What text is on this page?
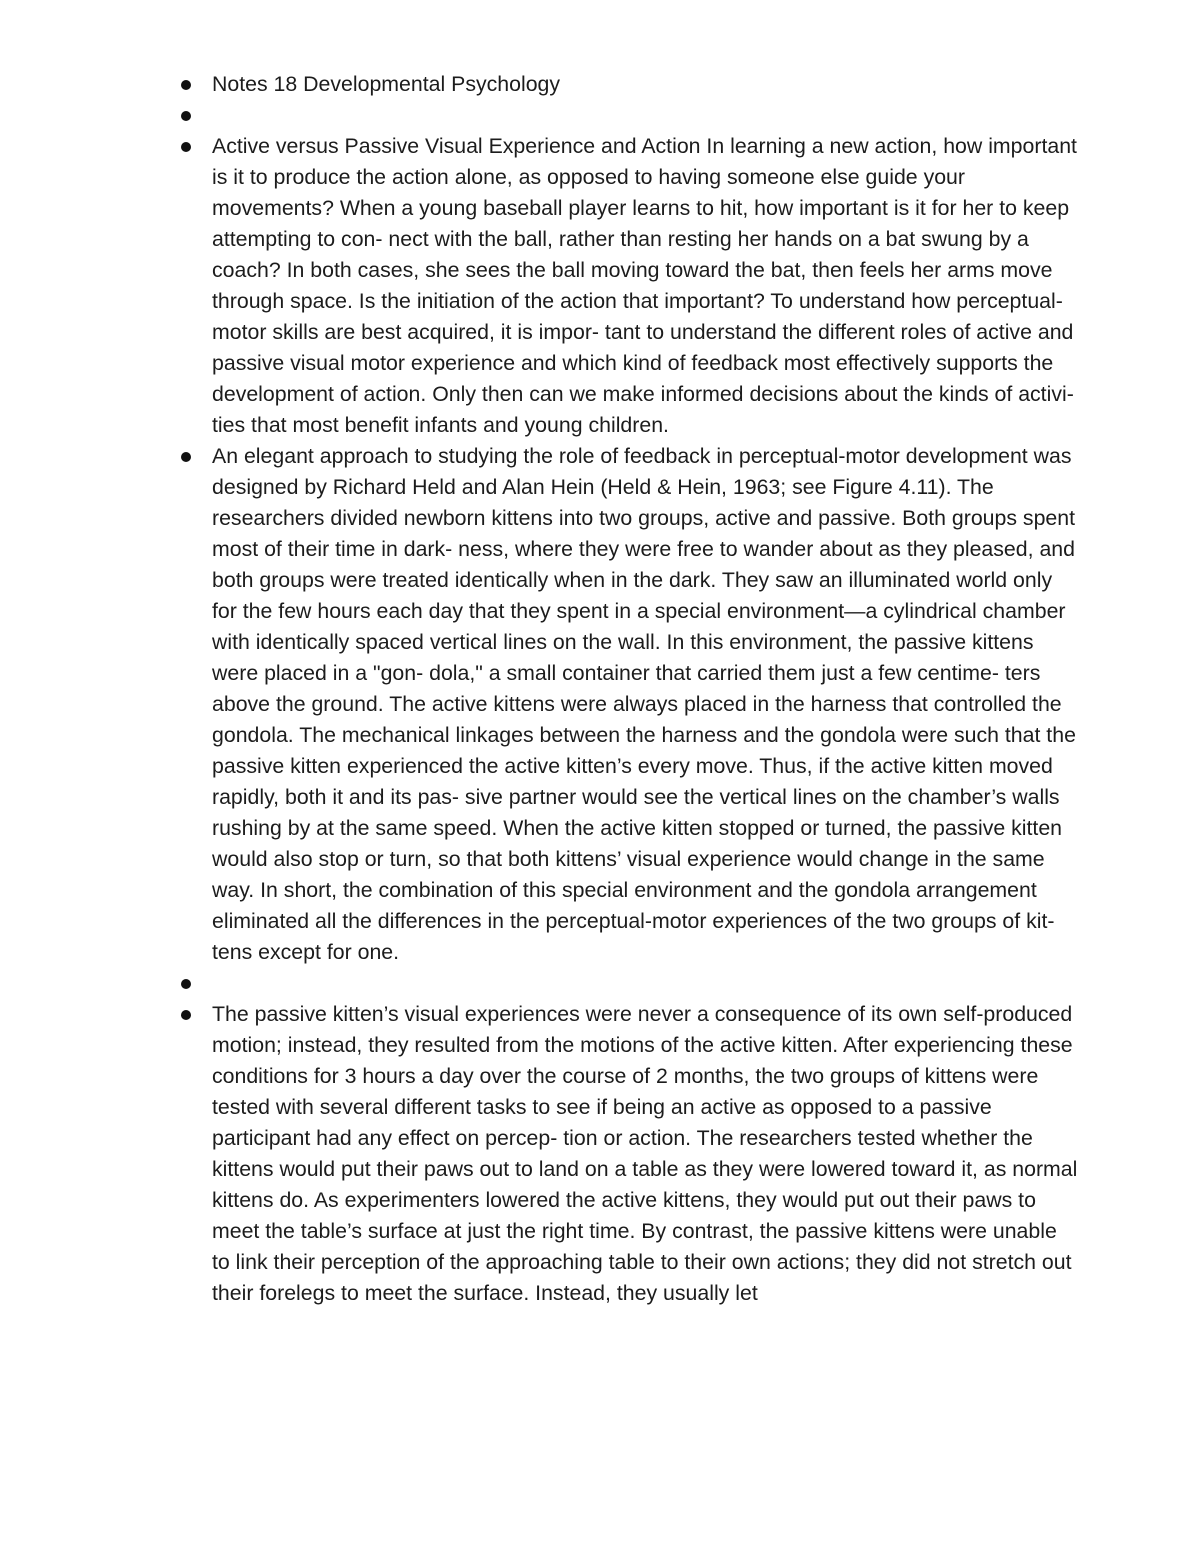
Notes 18 Developmental Psychology
Active versus Passive Visual Experience and Action In learning a new action, how important is it to produce the action alone, as opposed to having someone else guide your movements? When a young baseball player learns to hit, how important is it for her to keep attempting to con- nect with the ball, rather than resting her hands on a bat swung by a coach? In both cases, she sees the ball moving toward the bat, then feels her arms move through space. Is the initiation of the action that important? To understand how perceptual-motor skills are best acquired, it is impor- tant to understand the different roles of active and passive visual motor experience and which kind of feedback most effectively supports the development of action. Only then can we make informed decisions about the kinds of activi- ties that most benefit infants and young children.
An elegant approach to studying the role of feedback in perceptual-motor development was designed by Richard Held and Alan Hein (Held & Hein, 1963; see Figure 4.11). The researchers divided newborn kittens into two groups, active and passive. Both groups spent most of their time in dark- ness, where they were free to wander about as they pleased, and both groups were treated identically when in the dark. They saw an illuminated world only for the few hours each day that they spent in a special environment—a cylindrical chamber with identically spaced vertical lines on the wall. In this environment, the passive kittens were placed in a "gon- dola," a small container that carried them just a few centime- ters above the ground. The active kittens were always placed in the harness that controlled the gondola. The mechanical linkages between the harness and the gondola were such that the passive kitten experienced the active kitten’s every move. Thus, if the active kitten moved rapidly, both it and its pas- sive partner would see the vertical lines on the chamber’s walls rushing by at the same speed. When the active kitten stopped or turned, the passive kitten would also stop or turn, so that both kittens’ visual experience would change in the same way. In short, the combination of this special environment and the gondola arrangement eliminated all the differences in the perceptual-motor experiences of the two groups of kit- tens except for one.
The passive kitten’s visual experiences were never a consequence of its own self-produced motion; instead, they resulted from the motions of the active kitten. After experiencing these conditions for 3 hours a day over the course of 2 months, the two groups of kittens were tested with several different tasks to see if being an active as opposed to a passive participant had any effect on percep- tion or action. The researchers tested whether the kittens would put their paws out to land on a table as they were lowered toward it, as normal kittens do. As experimenters lowered the active kittens, they would put out their paws to meet the table’s surface at just the right time. By contrast, the passive kittens were unable to link their perception of the approaching table to their own actions; they did not stretch out their forelegs to meet the surface. Instead, they usually let
